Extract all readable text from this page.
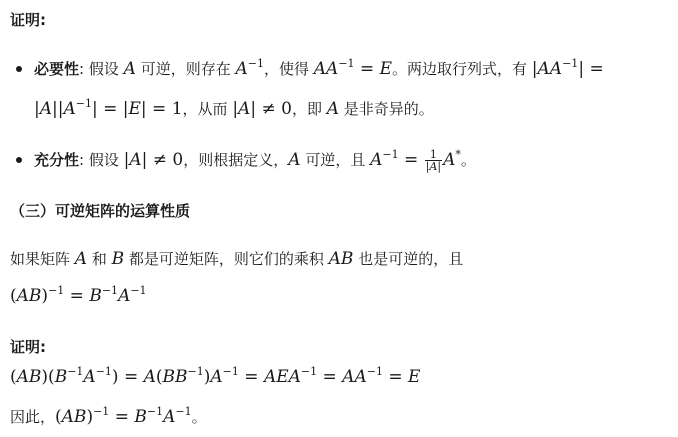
证明:
必要性: 假设 A 可逆，则存在 $A^{-1}$，使得 $AA^{-1} = E$。两边取行列式，有 $|AA^{-1}|$ =
$|A||A^{-1}| = |E| = 1$，从而 |A| ≠ 0，即 A 是非奇异的。
充分性: 假设 |A| ≠ 0，则根据定义，A 可逆，且 $A^{-1} = \frac{1}{|A|} A^*$。
（三）可逆矩阵的运算性质
如果矩阵 A 和 B 都是可逆矩阵，则它们的乘积 AB 也是可逆的，且
$(AB)^{-1} = B^{-1}A^{-1}$
证明:
$(AB)(B^{-1}A^{-1}) = A(BB^{-1})A^{-1} = AEA^{-1} = AA^{-1} = E$
因此，$(AB)^{-1} = B^{-1}A^{-1}$。
